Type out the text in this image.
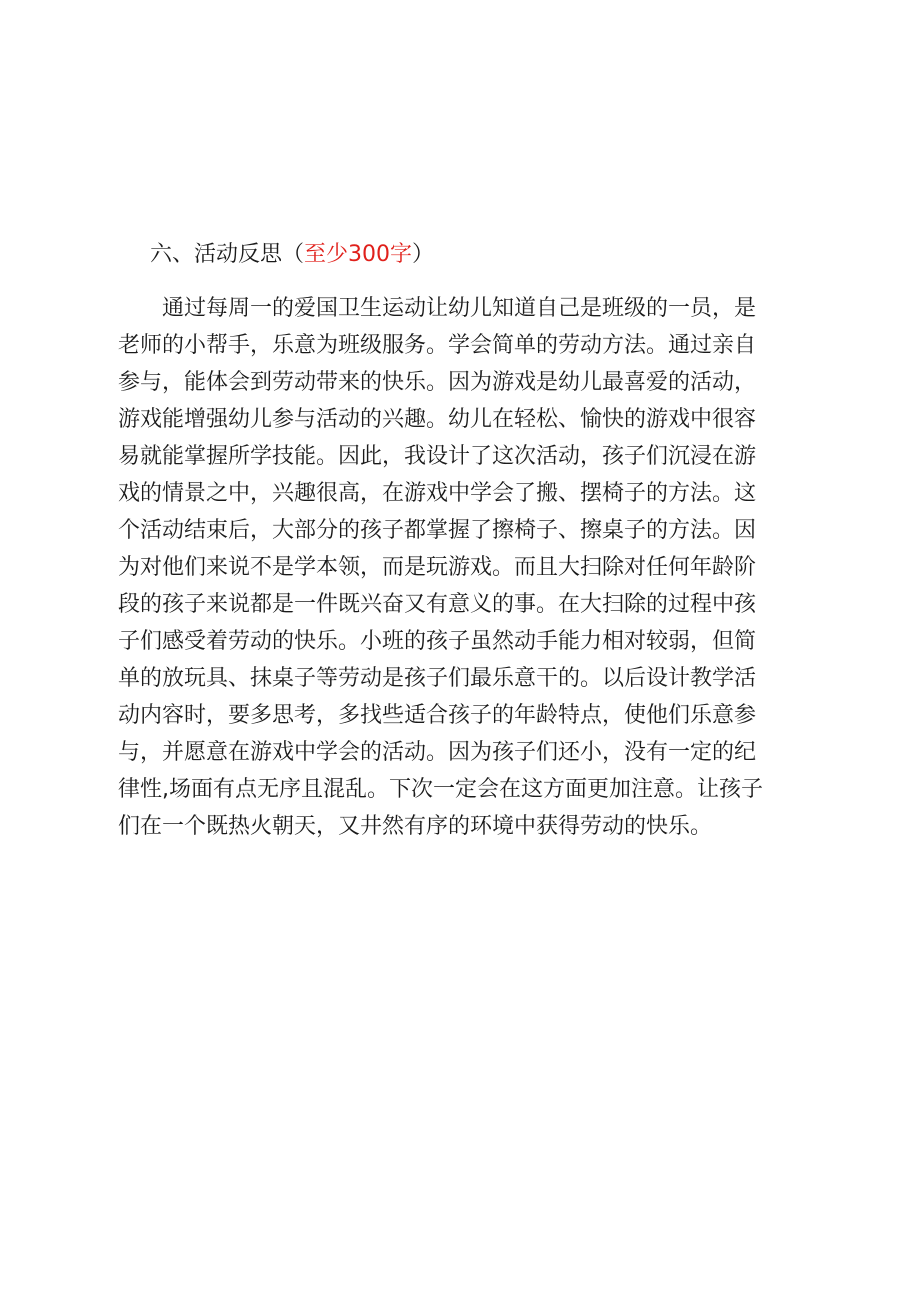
六、活动反思（至少300字）
通过每周一的爱国卫生运动让幼儿知道自己是班级的一员，是
老师的小帮手，乐意为班级服务。学会简单的劳动方法。通过亲自
参与，能体会到劳动带来的快乐。因为游戏是幼儿最喜爱的活动，
游戏能增强幼儿参与活动的兴趣。幼儿在轻松、愉快的游戏中很容
易就能掌握所学技能。因此，我设计了这次活动，孩子们沉浸在游
戏的情景之中，兴趣很高，在游戏中学会了搬、摆椅子的方法。这
个活动结束后，大部分的孩子都掌握了擦椅子、擦桌子的方法。因
为对他们来说不是学本领，而是玩游戏。而且大扫除对任何年龄阶
段的孩子来说都是一件既兴奋又有意义的事。在大扫除的过程中孩
子们感受着劳动的快乐。小班的孩子虽然动手能力相对较弱，但简
单的放玩具、抹桌子等劳动是孩子们最乐意干的。以后设计教学活
动内容时，要多思考，多找些适合孩子的年龄特点，使他们乐意参
与，并愿意在游戏中学会的活动。因为孩子们还小，没有一定的纪
律性,场面有点无序且混乱。下次一定会在这方面更加注意。让孩子
们在一个既热火朝天，又井然有序的环境中获得劳动的快乐。
